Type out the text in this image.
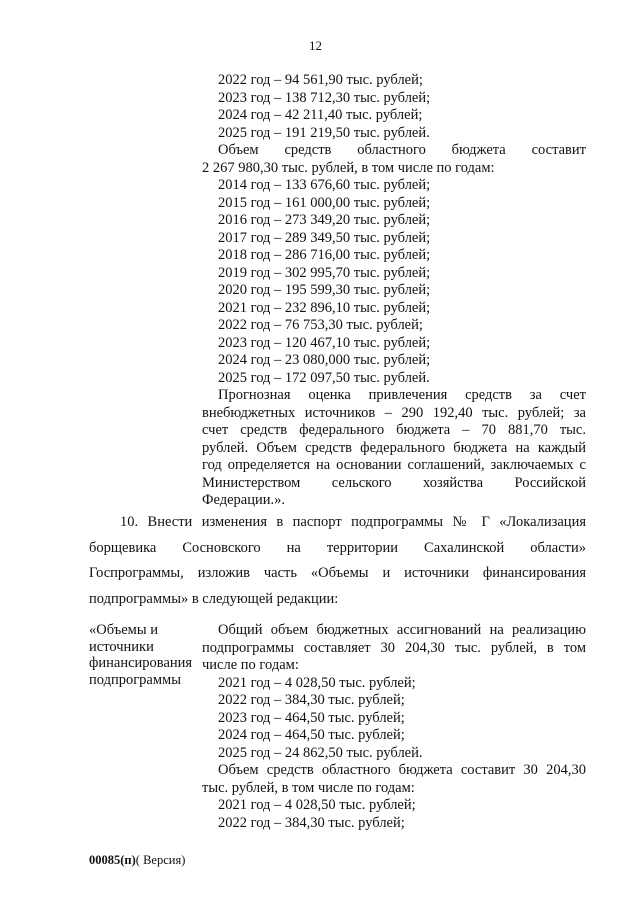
12
2022 год – 94 561,90 тыс. рублей;
2023 год – 138 712,30 тыс. рублей;
2024 год – 42 211,40 тыс. рублей;
2025 год – 191 219,50 тыс. рублей.
Объем средств областного бюджета составит
2 267 980,30 тыс. рублей, в том числе по годам:
2014 год – 133 676,60 тыс. рублей;
2015 год – 161 000,00 тыс. рублей;
2016 год – 273 349,20 тыс. рублей;
2017 год – 289 349,50 тыс. рублей;
2018 год – 286 716,00 тыс. рублей;
2019 год – 302 995,70 тыс. рублей;
2020 год – 195 599,30 тыс. рублей;
2021 год – 232 896,10 тыс. рублей;
2022 год – 76 753,30 тыс. рублей;
2023 год – 120 467,10 тыс. рублей;
2024 год – 23 080,000 тыс. рублей;
2025 год – 172 097,50 тыс. рублей.
Прогнозная оценка привлечения средств за счет
внебюджетных источников – 290 192,40 тыс. рублей; за
счет средств федерального бюджета – 70 881,70 тыс.
рублей. Объем средств федерального бюджета на каждый
год определяется на основании соглашений, заключаемых с
Министерством сельского хозяйства Российской
Федерации.».
10. Внести изменения в паспорт подпрограммы № Г «Локализация
борщевика Сосновского на территории Сахалинской области»
Госпрограммы, изложив часть «Объемы и источники финансирования
подпрограммы» в следующей редакции:
«Объемы и
источники
финансирования
подпрограммы
Общий объем бюджетных ассигнований на реализацию
подпрограммы составляет 30 204,30 тыс. рублей, в том
числе по годам:
2021 год – 4 028,50 тыс. рублей;
2022 год – 384,30 тыс. рублей;
2023 год – 464,50 тыс. рублей;
2024 год – 464,50 тыс. рублей;
2025 год – 24 862,50 тыс. рублей.
Объем средств областного бюджета составит 30 204,30
тыс. рублей, в том числе по годам:
2021 год – 4 028,50 тыс. рублей;
2022 год – 384,30 тыс. рублей;
00085(п)( Версия)
